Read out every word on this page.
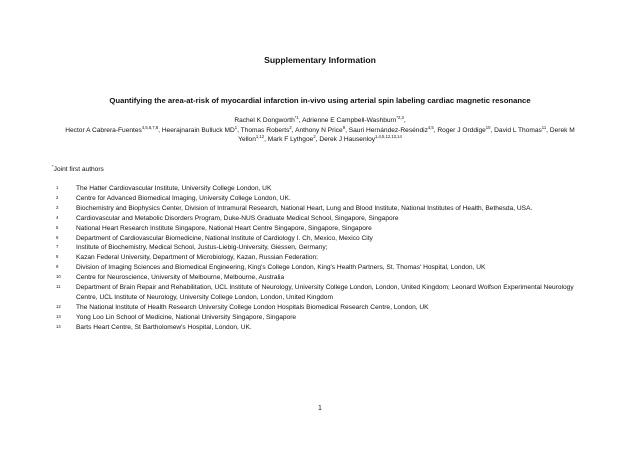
Supplementary Information
Quantifying the area-at-risk of myocardial infarction in-vivo using arterial spin labeling cardiac magnetic resonance
Rachel K Dongworth$^{*1}$, Adrienne E Campbell-Washburn$^{*2,3}$,
Hector A Cabrera-Fuentes$^{4,5,6,7,8}$, Heerajnarain Bulluck $MD^1$, Thomas Roberts$^2$, Anthony N Price$^9$, Sauri Hernández-Reséndiz$^{4,5}$, Roger J Orddige$^{10}$, David L Thomas$^{11}$, Derek M Yellon$^{1,12}$, Mark F Lythgoe$^2$, Derek J Hausenloy$^{1,4,5,12,13,14}$
*Joint first authors
1	The Hatter Cardiovascular Institute, University College London, UK
2	Centre for Advanced Biomedical Imaging, University College London, UK.
3	Biochemistry and Biophysics Center, Division of Intramural Research, National Heart, Lung and Blood Institute, National Institutes of Health, Bethesda, USA.
4	Cardiovascular and Metabolic Disorders Program, Duke-NUS Graduate Medical School, Singapore, Singapore
5	National Heart Research Institute Singapore, National Heart Centre Singapore, Singapore, Singapore
6	Department of Cardiovascular Biomedicine, National Institute of Cardiology I. Ch, Mexico, Mexico City
7	Institute of Biochemistry, Medical School, Justus-Liebig-University, Giessen, Germany;
8	Kazan Federal University, Department of Microbiology, Kazan, Russian Federation;
9	Division of Imaging Sciences and Biomedical Engineering, King's College London, King's Health Partners, St. Thomas' Hospital, London, UK
10 Centre for Neuroscience, University of Melbourne, Melbourne, Australia
11 Department of Brain Repair and Rehabilitation, UCL Institute of Neurology, University College London, London, United Kingdom; Leonard Wolfson Experimental Neurology Centre, UCL Institute of Neurology, University College London, London, United Kingdom
12 The National Institute of Health Research University College London Hospitals Biomedical Research Centre, London, UK
13 Yong Loo Lin School of Medicine, National University Singapore, Singapore
14 Barts Heart Centre, St Bartholomew's Hospital, London, UK.
1
